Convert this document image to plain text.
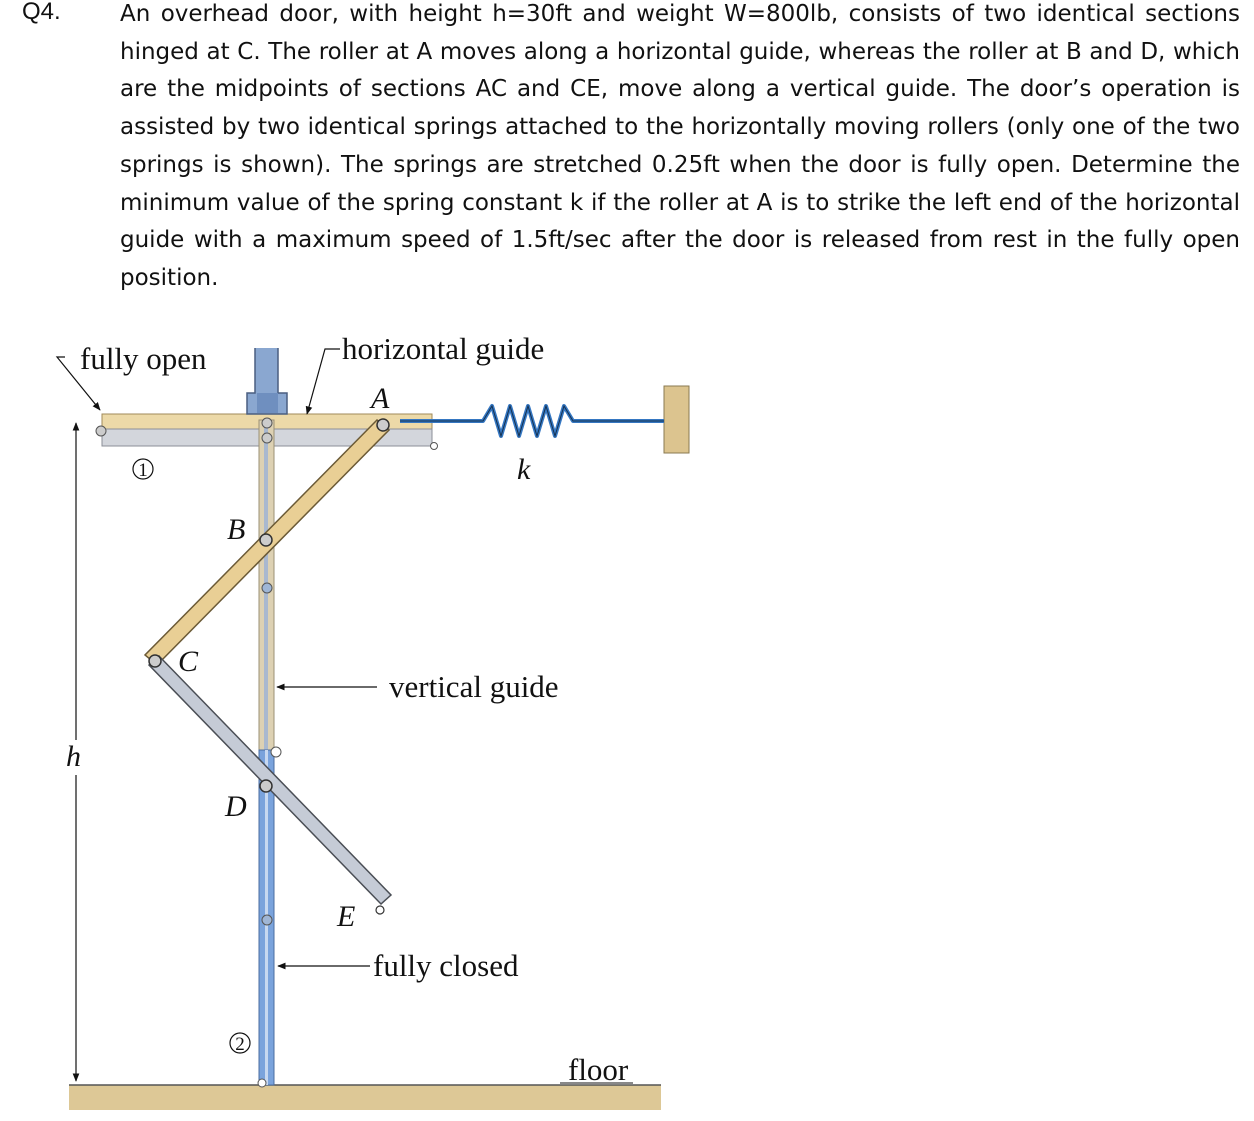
Q4.	An overhead door, with height h=30ft and weight W=800lb, consists of two identical sections
hinged at C. The roller at A moves along a horizontal guide, whereas the roller at B and D, which
are the midpoints of sections AC and CE, move along a vertical guide. The door’s operation is
assisted by two identical springs attached to the horizontally moving rollers (only one of the two
springs is shown). The springs are stretched 0.25ft when the door is fully open. Determine the
minimum value of the spring constant k if the roller at A is to strike the left end of the horizontal
guide with a maximum speed of 1.5ft/sec after the door is released from rest in the fully open
position.
fully open	horizontal guide
vertical guide
fully closed
floor
A
B
C
D
E
k
h
1
2
